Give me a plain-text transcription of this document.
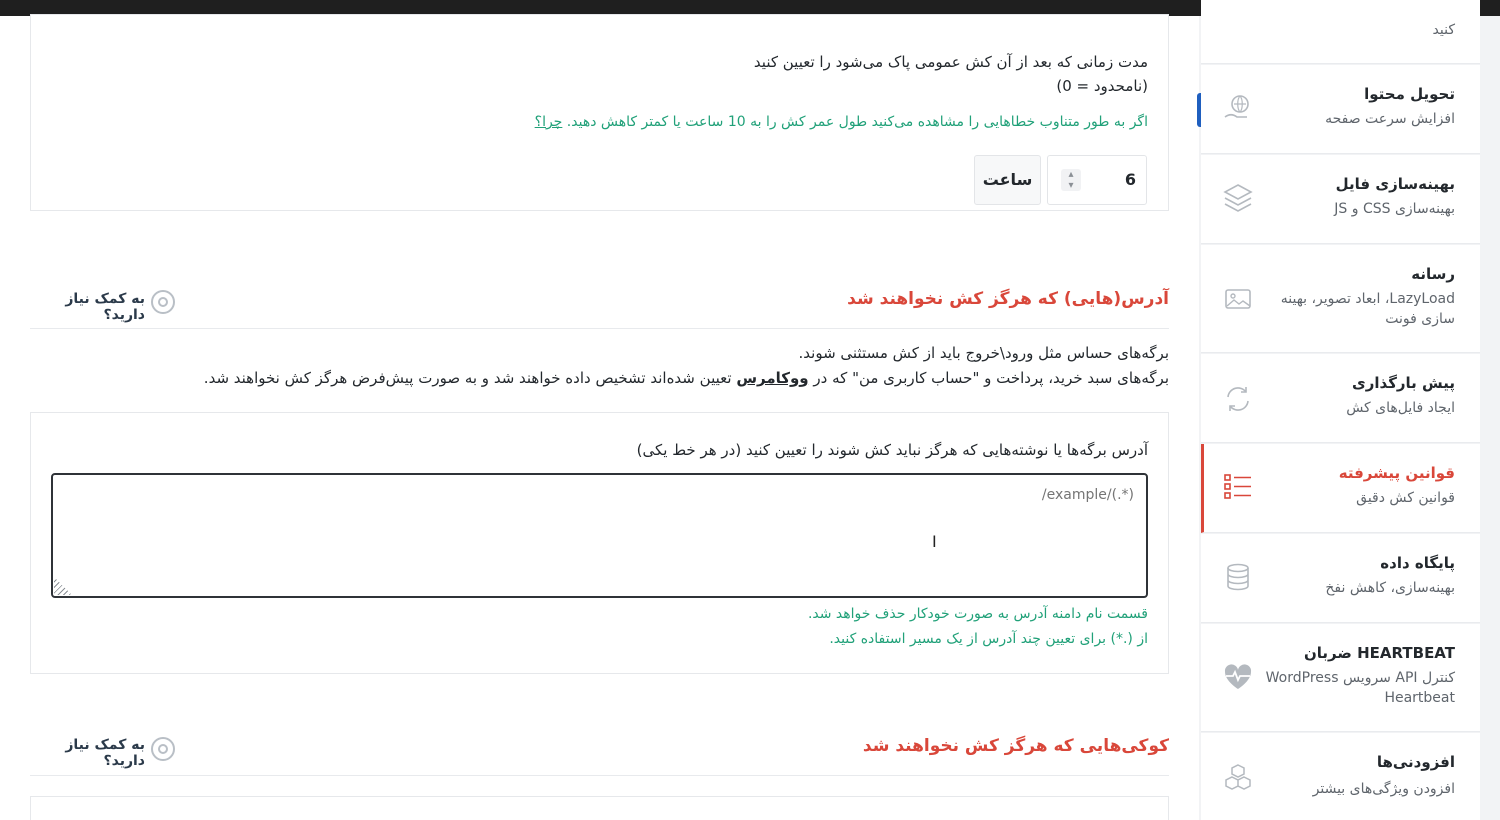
مدت زمانی که بعد از آن کش عمومی پاک می‌شود را تعیین کنید
(0 = نامحدود)
اگر به طور متناوب خطاهایی را مشاهده می‌کنید طول عمر کش را به 10 ساعت یا کمتر کاهش دهید. چرا؟
6
▴
▾
ساعت
آدرس(هایی) که هرگز کش نخواهند شد
به کمک نیاز دارید؟
برگه‌های حساس مثل ورود\خروج باید از کش مستثنی شوند.
برگه‌های سبد خرید، پرداخت و "حساب کاربری من" که در ووکامرس تعیین شده‌اند تشخیص داده خواهند شد و به صورت پیش‌فرض هرگز کش نخواهند شد.
آدرس برگه‌ها یا نوشته‌هایی که هرگز نباید کش شوند را تعیین کنید (در هر خط یکی)
/example/(.*)
I
قسمت نام دامنه آدرس به صورت خودکار حذف خواهد شد.
از (.*) برای تعیین چند آدرس از یک مسیر استفاده کنید.
کوکی‌هایی که هرگز کش نخواهند شد
به کمک نیاز دارید؟
کنید
تحویل محتوا
افزایش سرعت صفحه
بهینه‌سازی فایل
بهینه‌سازی CSS و JS
رسانه
LazyLoad، ابعاد تصویر، بهینه سازی فونت
پیش بارگذاری
ایجاد فایل‌های کش
قوانین پیشرفته
قوانین کش دقیق
پایگاه داده
بهینه‌سازی، کاهش نفخ
ضربان HEARTBEAT
کنترل API سرویس WordPress Heartbeat
افزودنی‌ها
افزودن ویژگی‌های بیشتر
